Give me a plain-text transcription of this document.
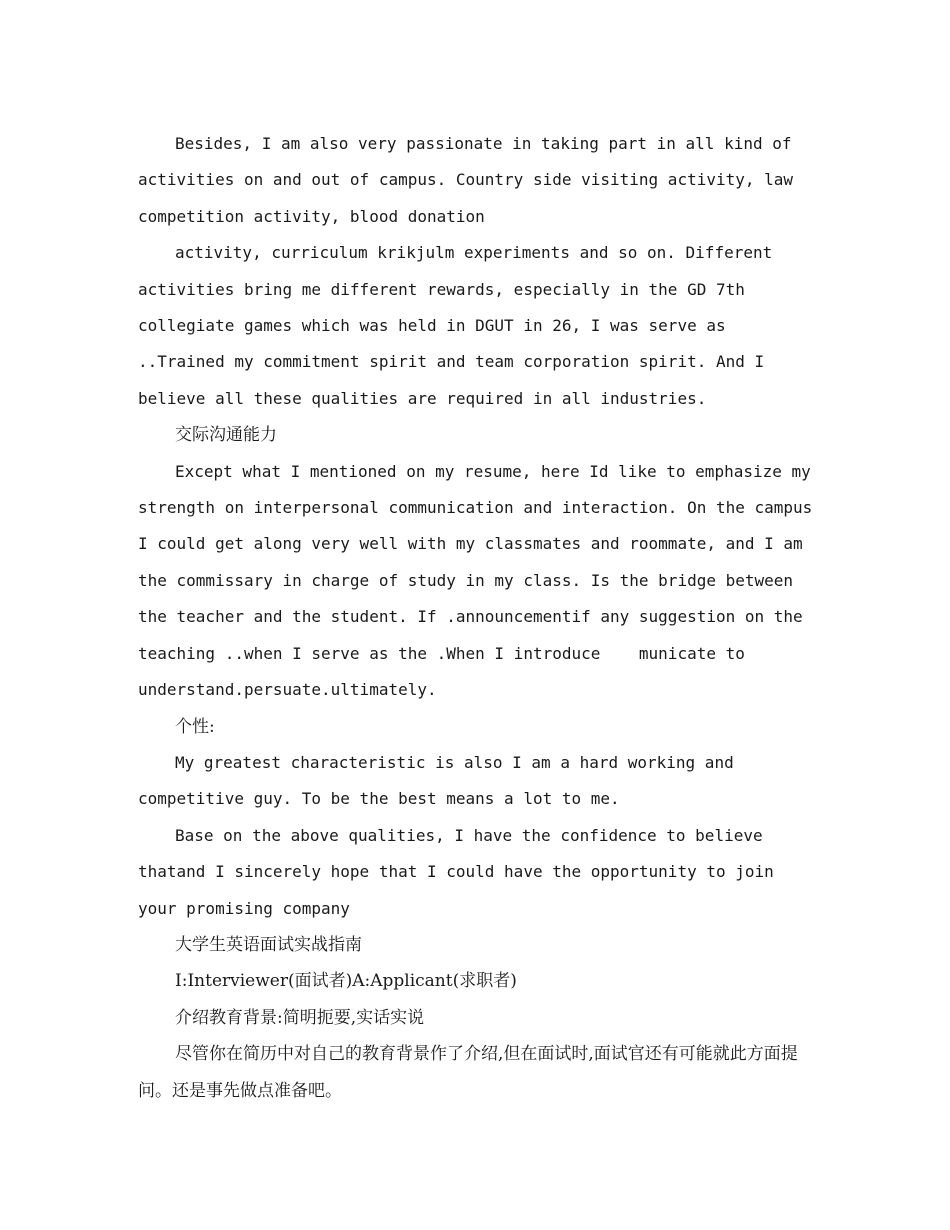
Besides, I am also very passionate in taking part in all kind of activities on and out of campus. Country side visiting activity, law competition activity, blood donation

activity, curriculum krikjulm experiments and so on. Different activities bring me different rewards, especially in the GD 7th collegiate games which was held in DGUT in 26, I was serve as ..Trained my commitment spirit and team corporation spirit. And I believe all these qualities are required in all industries.

交际沟通能力

Except what I mentioned on my resume, here Id like to emphasize my strength on interpersonal communication and interaction. On the campus I could get along very well with my classmates and roommate, and I am the commissary in charge of study in my class. Is the bridge between the teacher and the student. If .announcementif any suggestion on the teaching ..when I serve as the .When I introduce    municate to understand.persuate.ultimately.

个性:

My greatest characteristic is also I am a hard working and competitive guy. To be the best means a lot to me.

Base on the above qualities, I have the confidence to believe thatand I sincerely hope that I could have the opportunity to join your promising company

大学生英语面试实战指南

I:Interviewer(面试者)A:Applicant(求职者)

介绍教育背景:简明扼要,实话实说

尽管你在简历中对自己的教育背景作了介绍,但在面试时,面试官还有可能就此方面提问。还是事先做点准备吧。
